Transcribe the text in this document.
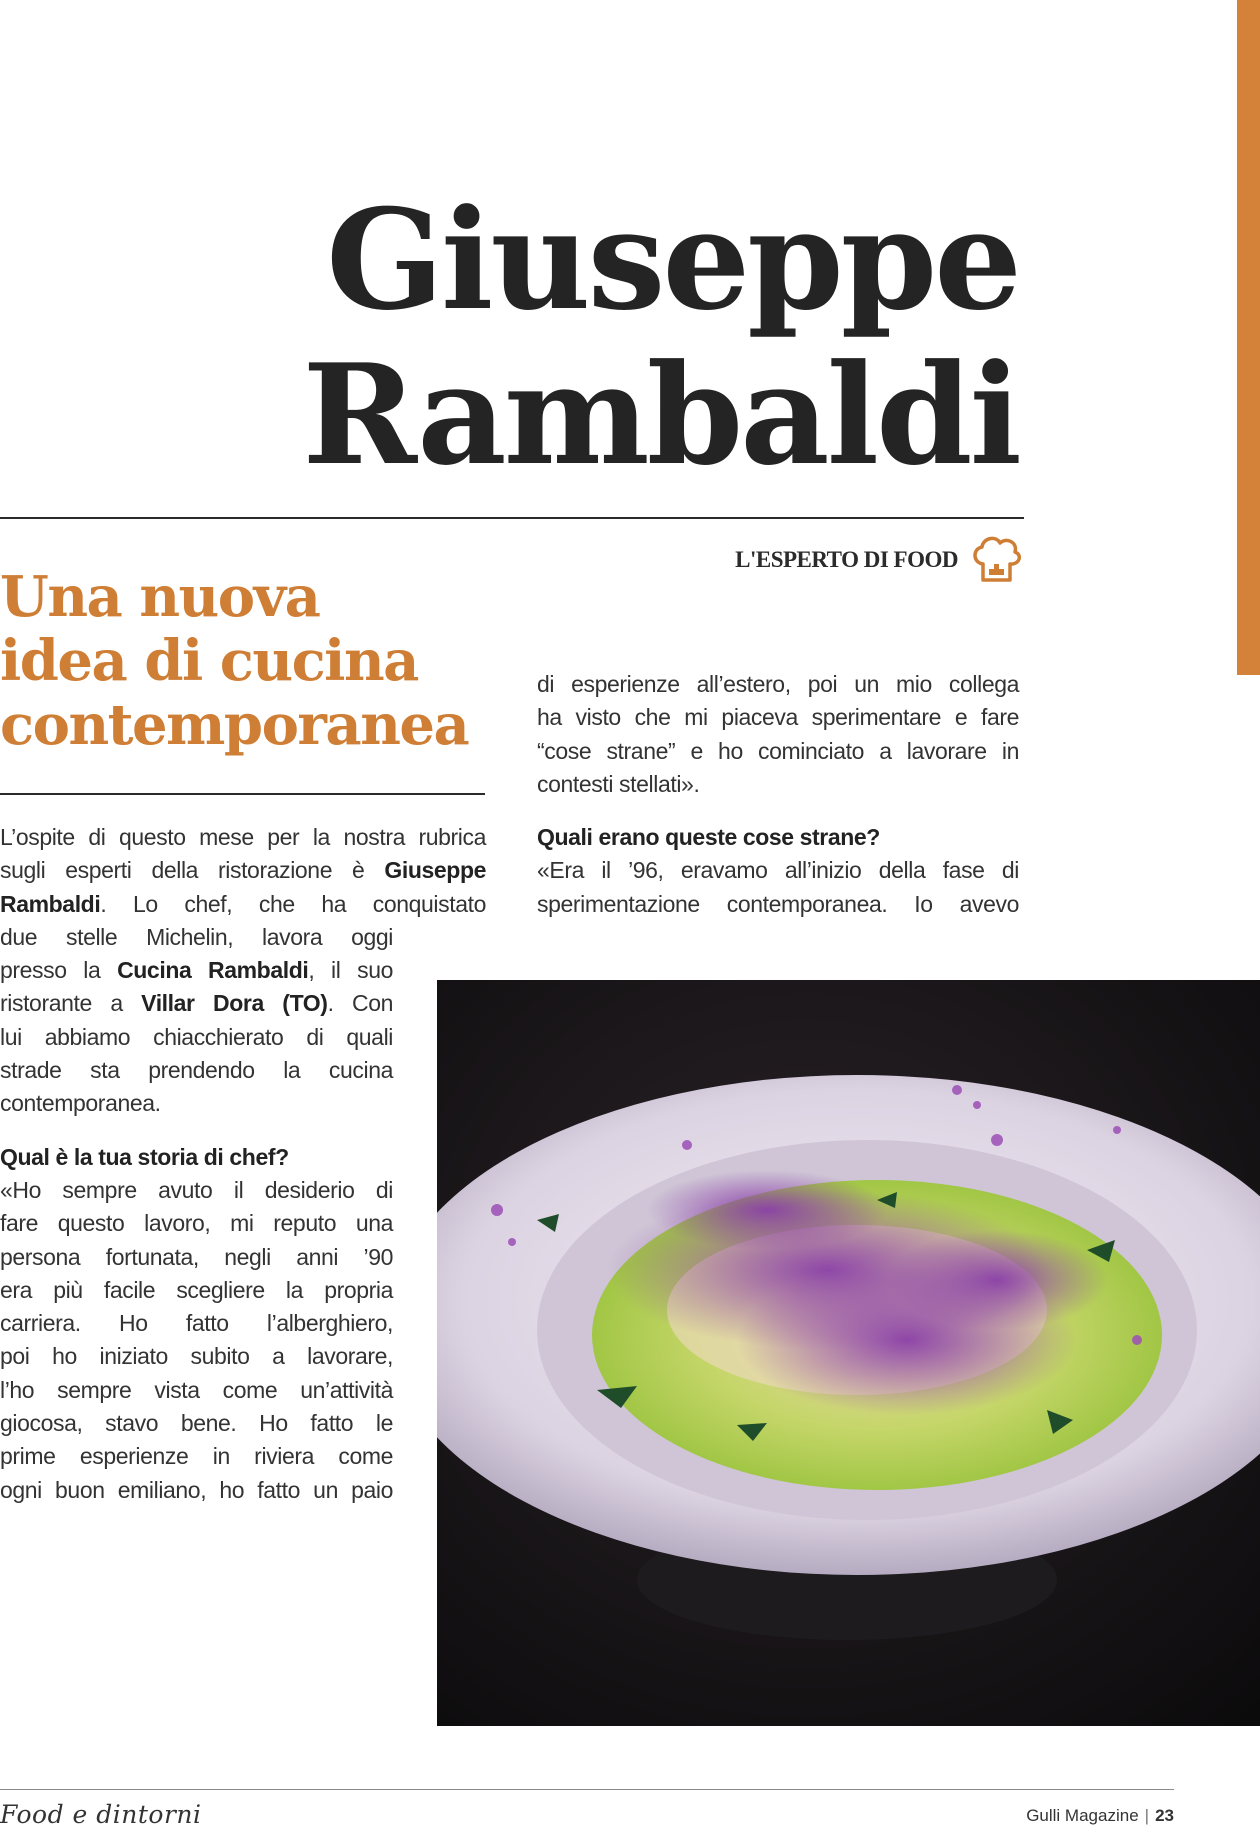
Giuseppe
Rambaldi
L'ESPERTO DI FOOD
Una nuova
idea di cucina
contemporanea
L’ospite di questo mese per la nostra rubrica
sugli esperti della ristorazione è Giuseppe
Rambaldi. Lo chef, che ha conquistato
due stelle Michelin, lavora oggi
presso la Cucina Rambaldi, il suo
ristorante a Villar Dora (TO). Con
lui abbiamo chiacchierato di quali
strade sta prendendo la cucina
contemporanea.
Qual è la tua storia di chef?
«Ho sempre avuto il desiderio di
fare questo lavoro, mi reputo una
persona fortunata, negli anni ’90
era più facile scegliere la propria
carriera. Ho fatto l’alberghiero,
poi ho iniziato subito a lavorare,
l’ho sempre vista come un’attività
giocosa, stavo bene. Ho fatto le
prime esperienze in riviera come
ogni buon emiliano, ho fatto un paio
di esperienze all’estero, poi un mio collega
ha visto che mi piaceva sperimentare e fare
“cose strane” e ho cominciato a lavorare in
contesti stellati».
Quali erano queste cose strane?
«Era il ’96, eravamo all’inizio della fase di
sperimentazione contemporanea. Io avevo
Food e dintorni	Gulli Magazine | 23
